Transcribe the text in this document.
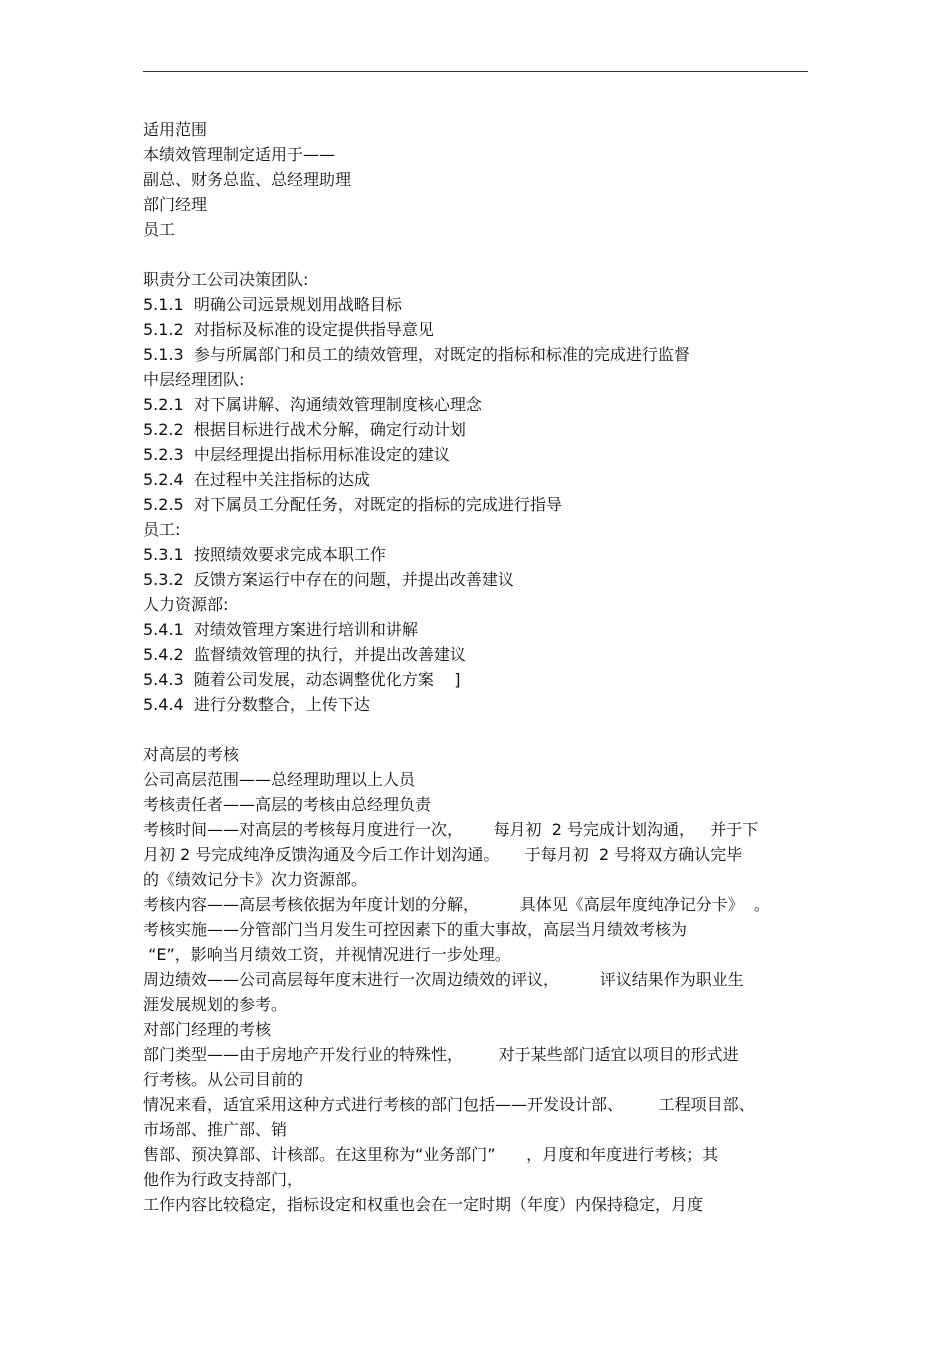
适用范围
本绩效管理制定适用于——
副总、财务总监、总经理助理
部门经理
员工
职责分工公司决策团队:
5.1.1  明确公司远景规划用战略目标
5.1.2  对指标及标准的设定提供指导意见
5.1.3  参与所属部门和员工的绩效管理，对既定的指标和标准的完成进行监督
中层经理团队:
5.2.1  对下属讲解、沟通绩效管理制度核心理念
5.2.2  根据目标进行战术分解，确定行动计划
5.2.3  中层经理提出指标用标准设定的建议
5.2.4  在过程中关注指标的达成
5.2.5  对下属员工分配任务，对既定的指标的完成进行指导
员工:
5.3.1  按照绩效要求完成本职工作
5.3.2  反馈方案运行中存在的问题，并提出改善建议
人力资源部:
5.4.1  对绩效管理方案进行培训和讲解
5.4.2  监督绩效管理的执行，并提出改善建议
5.4.3  随着公司发展，动态调整优化方案    ]
5.4.4  进行分数整合，上传下达
对高层的考核
公司高层范围——总经理助理以上人员
考核责任者——高层的考核由总经理负责
考核时间——对高层的考核每月度进行一次，      每月初  2 号完成计划沟通，   并于下
月初 2 号完成纯净反馈沟通及今后工作计划沟通。     于每月初  2 号将双方确认完毕
的《绩效记分卡》次力资源部。
考核内容——高层考核依据为年度计划的分解，        具体见《高层年度纯净记分卡》  。
考核实施——分管部门当月发生可控因素下的重大事故，高层当月绩效考核为
“E”，影响当月绩效工资，并视情况进行一步处理。
周边绩效——公司高层每年度末进行一次周边绩效的评议，        评议结果作为职业生
涯发展规划的参考。
对部门经理的考核
部门类型——由于房地产开发行业的特殊性，       对于某些部门适宜以项目的形式进
行考核。从公司目前的
情况来看，适宜采用这种方式进行考核的部门包括——开发设计部、       工程项目部、
市场部、推广部、销
售部、预决算部、计核部。在这里称为“业务部门”      ，月度和年度进行考核；其
他作为行政支持部门，
工作内容比较稳定，指标设定和权重也会在一定时期（年度）内保持稳定，月度
